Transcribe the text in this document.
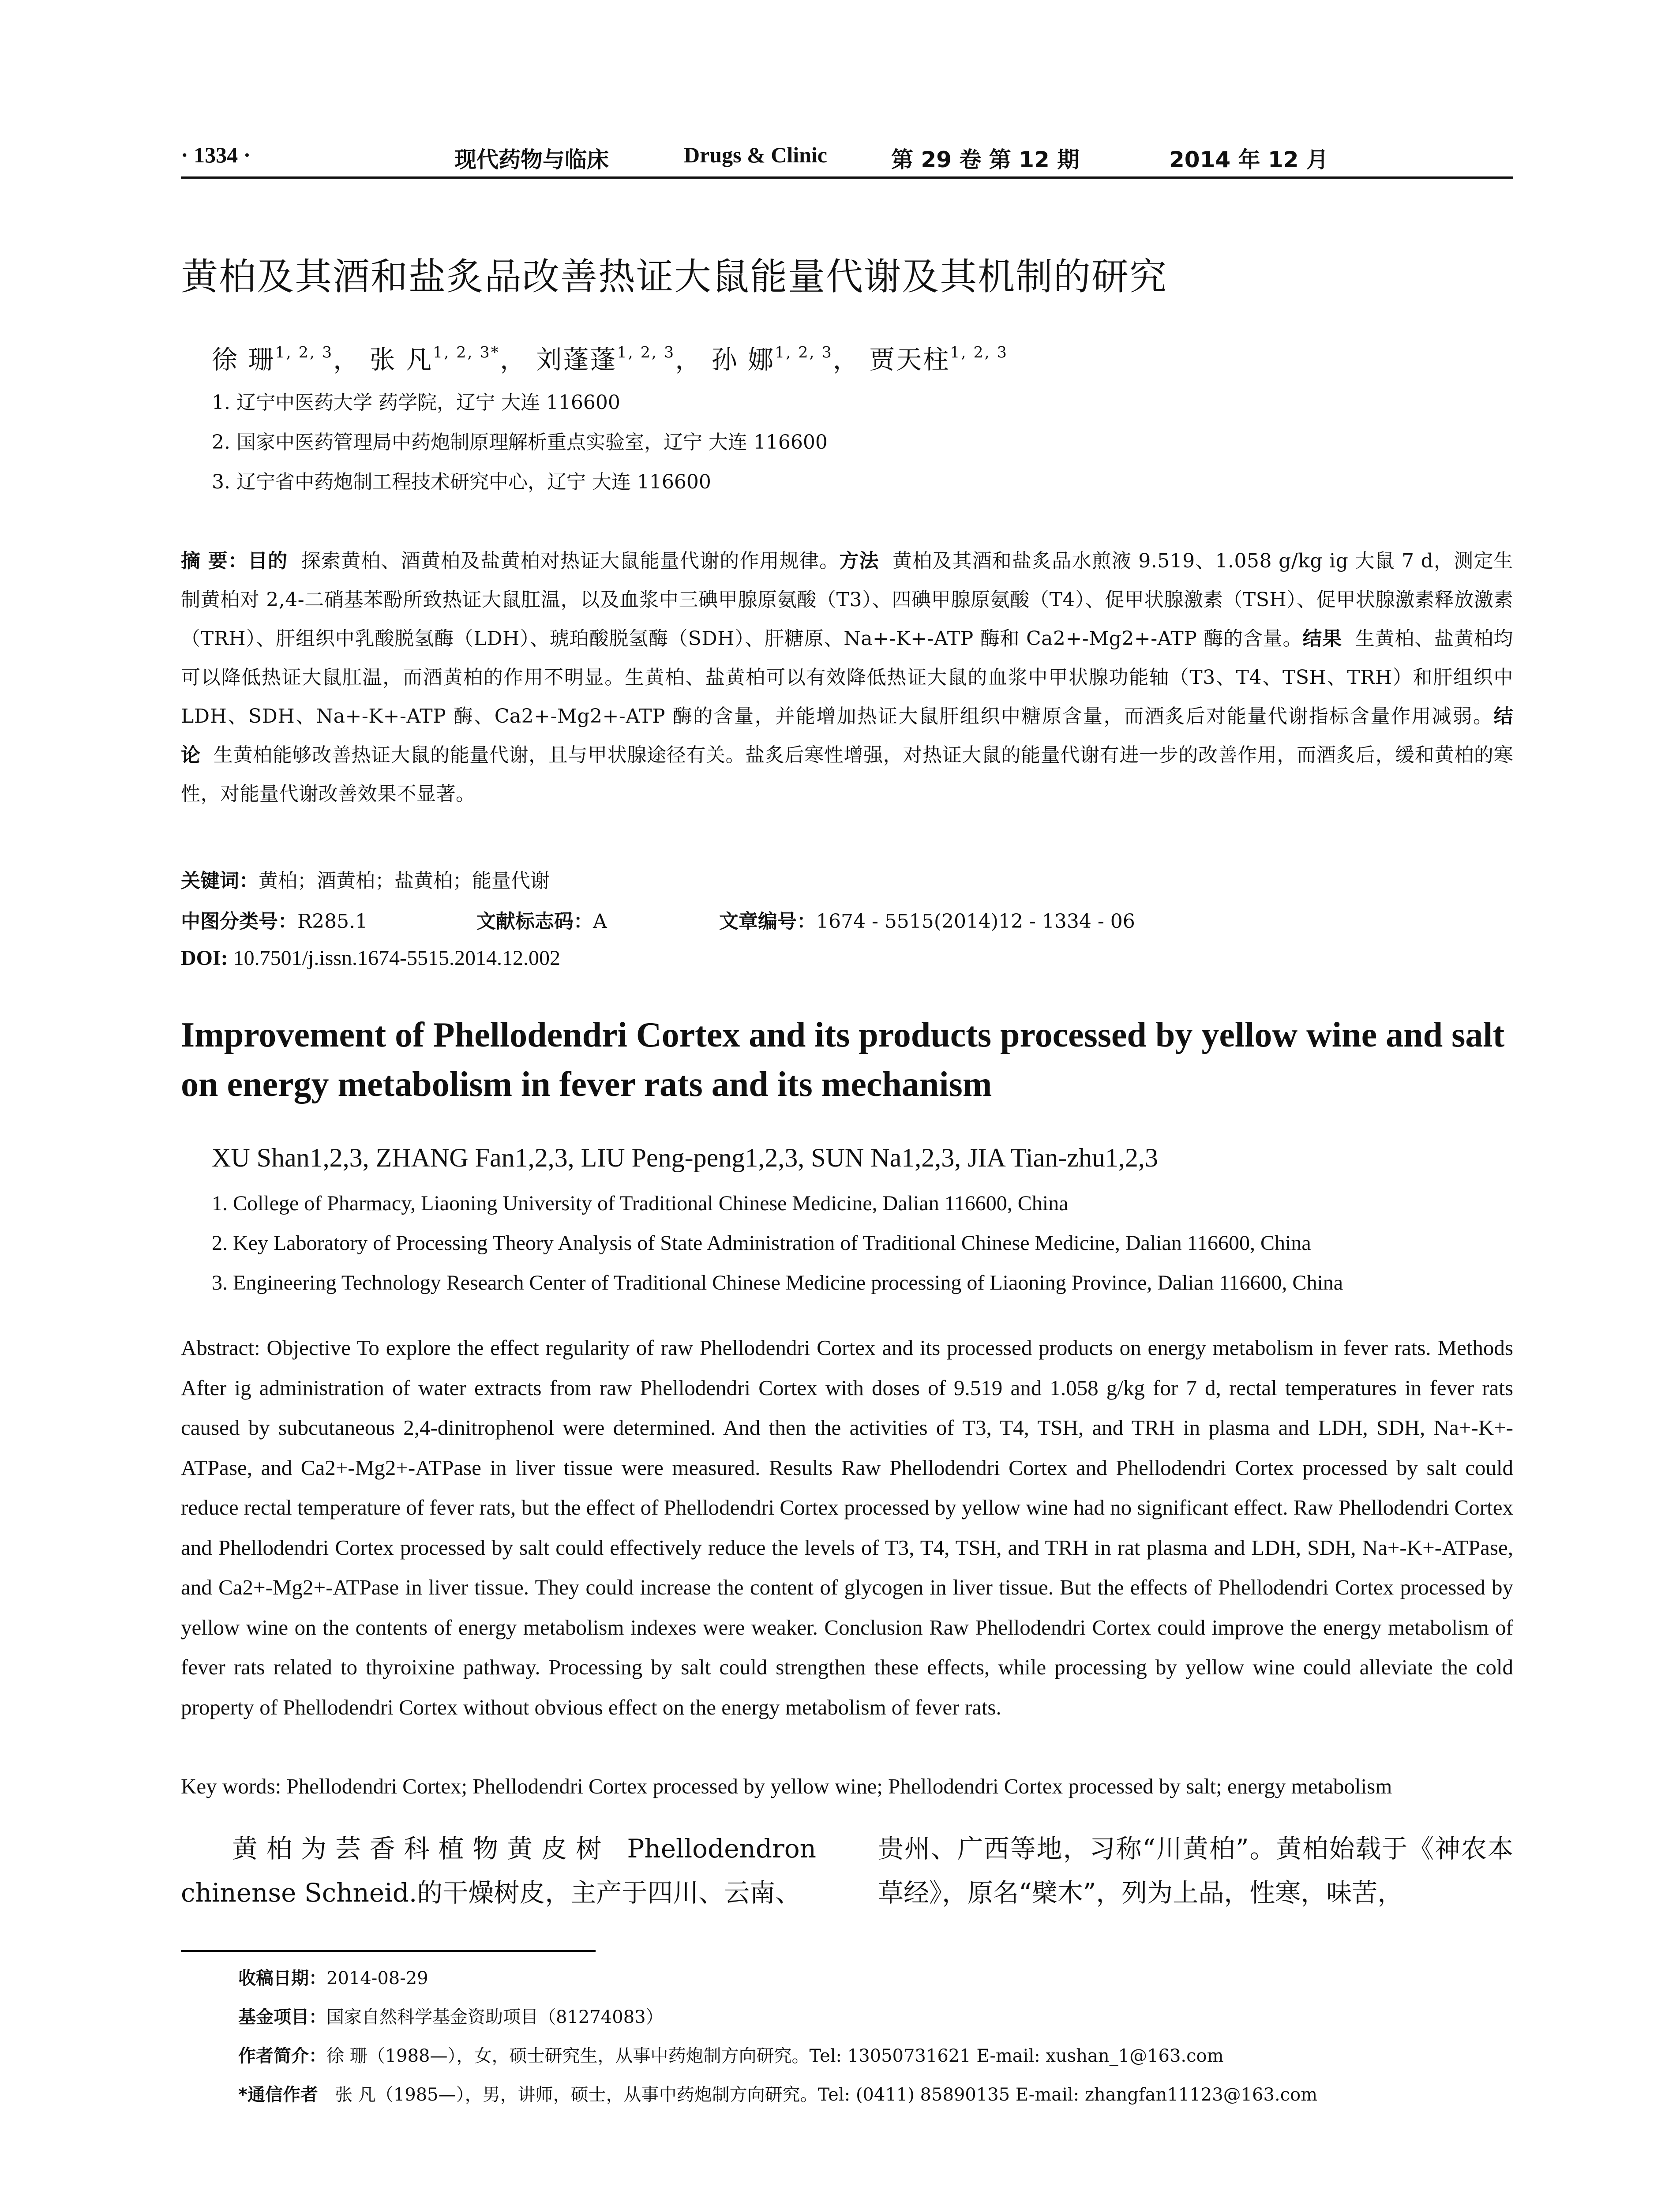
· 1334 ·	现代药物与临床	Drugs & Clinic	第 29 卷 第 12 期	2014 年 12 月
黄柏及其酒和盐炙品改善热证大鼠能量代谢及其机制的研究
徐 珊$^{1, 2, 3}$， 张 凡$^{1, 2, 3*}$， 刘蓬蓬$^{1, 2, 3}$， 孙 娜$^{1, 2, 3}$， 贾天柱$^{1, 2, 3}$
1. 辽宁中医药大学 药学院，辽宁 大连 116600
2. 国家中医药管理局中药炮制原理解析重点实验室，辽宁 大连 116600
3. 辽宁省中药炮制工程技术研究中心，辽宁 大连 116600
摘 要：目的 探索黄柏、酒黄柏及盐黄柏对热证大鼠能量代谢的作用规律。方法 黄柏及其酒和盐炙品水煎液 9.519、1.058 g/kg ig 大鼠 7 d，测定生制黄柏对 2,4-二硝基苯酚所致热证大鼠肛温，以及血浆中三碘甲腺原氨酸（T3）、四碘甲腺原氨酸（T4）、促甲状腺激素（TSH）、促甲状腺激素释放激素（TRH）、肝组织中乳酸脱氢酶（LDH）、琥珀酸脱氢酶（SDH）、肝糖原、Na+-K+-ATP 酶和 Ca2+-Mg2+-ATP 酶的含量。结果 生黄柏、盐黄柏均可以降低热证大鼠肛温，而酒黄柏的作用不明显。生黄柏、盐黄柏可以有效降低热证大鼠的血浆中甲状腺功能轴（T3、T4、TSH、TRH）和肝组织中 LDH、SDH、Na+-K+-ATP 酶、Ca2+-Mg2+-ATP 酶的含量，并能增加热证大鼠肝组织中糖原含量，而酒炙后对能量代谢指标含量作用减弱。结论 生黄柏能够改善热证大鼠的能量代谢，且与甲状腺途径有关。盐炙后寒性增强，对热证大鼠的能量代谢有进一步的改善作用，而酒炙后，缓和黄柏的寒性，对能量代谢改善效果不显著。
关键词：黄柏；酒黄柏；盐黄柏；能量代谢
中图分类号：R285.1	文献标志码：A	文章编号：1674 - 5515(2014)12 - 1334 - 06
DOI: 10.7501/j.issn.1674-5515.2014.12.002
Improvement of Phellodendri Cortex and its products processed by yellow wine and salt on energy metabolism in fever rats and its mechanism
XU Shan1,2,3, ZHANG Fan1,2,3, LIU Peng-peng1,2,3, SUN Na1,2,3, JIA Tian-zhu1,2,3
1. College of Pharmacy, Liaoning University of Traditional Chinese Medicine, Dalian 116600, China
2. Key Laboratory of Processing Theory Analysis of State Administration of Traditional Chinese Medicine, Dalian 116600, China
3. Engineering Technology Research Center of Traditional Chinese Medicine processing of Liaoning Province, Dalian 116600, China
Abstract: Objective To explore the effect regularity of raw Phellodendri Cortex and its processed products on energy metabolism in fever rats. Methods After ig administration of water extracts from raw Phellodendri Cortex with doses of 9.519 and 1.058 g/kg for 7 d, rectal temperatures in fever rats caused by subcutaneous 2,4-dinitrophenol were determined. And then the activities of T3, T4, TSH, and TRH in plasma and LDH, SDH, Na+-K+-ATPase, and Ca2+-Mg2+-ATPase in liver tissue were measured. Results Raw Phellodendri Cortex and Phellodendri Cortex processed by salt could reduce rectal temperature of fever rats, but the effect of Phellodendri Cortex processed by yellow wine had no significant effect. Raw Phellodendri Cortex and Phellodendri Cortex processed by salt could effectively reduce the levels of T3, T4, TSH, and TRH in rat plasma and LDH, SDH, Na+-K+-ATPase, and Ca2+-Mg2+-ATPase in liver tissue. They could increase the content of glycogen in liver tissue. But the effects of Phellodendri Cortex processed by yellow wine on the contents of energy metabolism indexes were weaker. Conclusion Raw Phellodendri Cortex could improve the energy metabolism of fever rats related to thyroixine pathway. Processing by salt could strengthen these effects, while processing by yellow wine could alleviate the cold property of Phellodendri Cortex without obvious effect on the energy metabolism of fever rats.
Key words: Phellodendri Cortex; Phellodendri Cortex processed by yellow wine; Phellodendri Cortex processed by salt; energy metabolism

黄柏为芸香科植物黄皮树 Phellodendron chinense Schneid.的干燥树皮，主产于四川、云南、

贵州、广西等地，习称“川黄柏”。黄柏始载于《神农本草经》，原名“檗木”，列为上品，性寒，味苦，

收稿日期：2014-08-29
基金项目：国家自然科学基金资助项目（81274083）
作者简介：徐 珊（1988—），女，硕士研究生，从事中药炮制方向研究。Tel: 13050731621 E-mail: xushan_1@163.com
*通信作者 张 凡（1985—），男，讲师，硕士，从事中药炮制方向研究。Tel: (0411) 85890135 E-mail: zhangfan11123@163.com
